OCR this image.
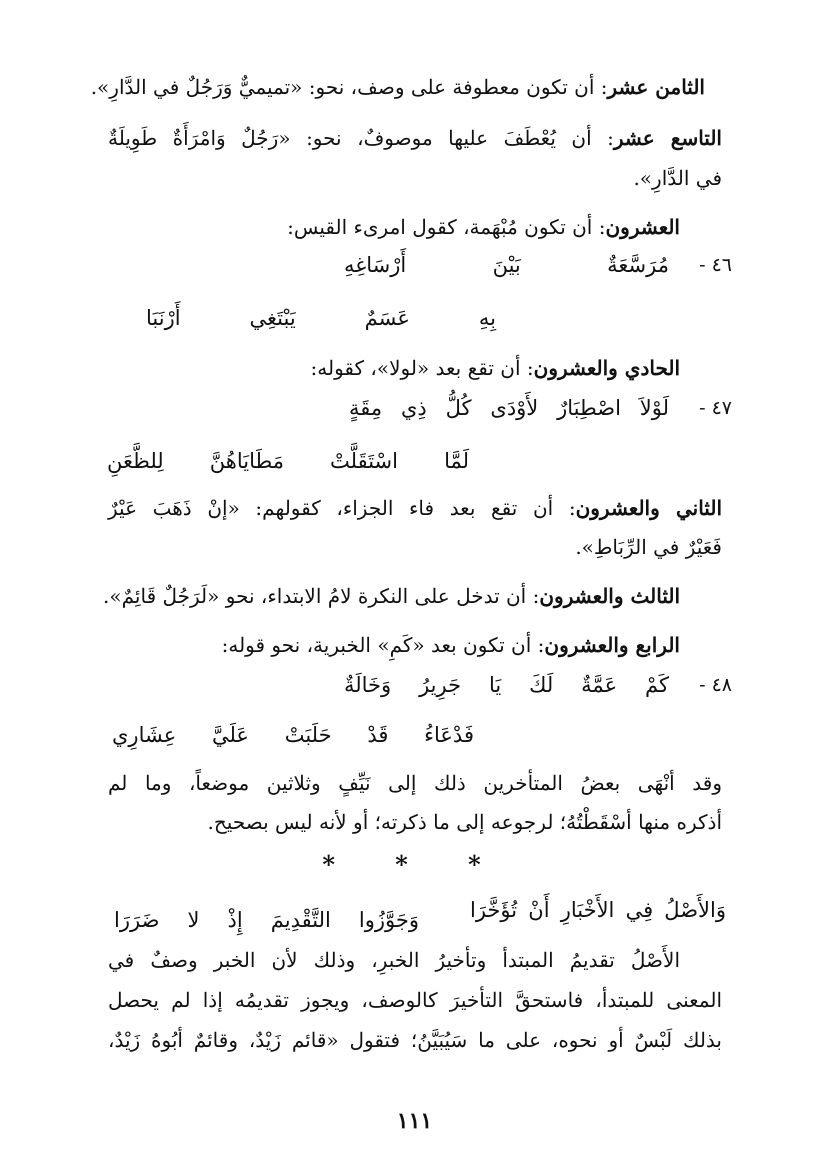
الثامن عشر: أن تكون معطوفة على وصف، نحو: «تميميٌّ وَرَجُلٌ في الدَّارِ».
التاسع عشر: أن يُعْطَفَ عليها موصوفٌ، نحو: «رَجُلٌ وَامْرَأَةٌ طَوِيلَةٌ
في الدَّارِ».
العشرون: أن تكون مُبْهَمة، كقول امرىء القيس:
٤٦ -
مُرَسَّعَةٌ بَيْنَ أَرْسَاغِهِ
بِهِ عَسَمٌ يَبْتَغِي أَرْنَبَا
الحادي والعشرون: أن تقع بعد «لولا»، كقوله:
٤٧ -
لَوْلاَ اصْطِبَارٌ لأَوْدَى كُلُّ ذِي مِقَةٍ
لَمَّا اسْتَقَلَّتْ مَطَايَاهُنَّ لِلظَّعَنِ
الثاني والعشرون: أن تقع بعد فاء الجزاء، كقولهم: «إنْ ذَهَبَ عَيْرٌ
فَعَيْرٌ في الرِّبَاطِ».
الثالث والعشرون: أن تدخل على النكرة لامُ الابتداء، نحو «لَرَجُلٌ قَائِمٌ».
الرابع والعشرون: أن تكون بعد «كَمِ» الخبرية، نحو قوله:
٤٨ -
كَمْ عَمَّةٌ لَكَ يَا جَرِيرُ وَخَالَةٌ
فَدْعَاءُ قَدْ حَلَبَتْ عَلَيَّ عِشَارِي
وقد أنْهَى بعضُ المتأخرين ذلك إلى نَيِّفٍ وثلاثين موضعاً، وما لم
أذكره منها أسْقَطْتُهُ؛ لرجوعه إلى ما ذكرته؛ أو لأنه ليس بصحيح.
* * *
وَالأَصْلُ فِي الأَخْبَارِ أَنْ تُؤَخَّرَا
وَجَوَّزُوا التَّقْدِيمَ إِذْ لا ضَرَرَا
الأَصْلُ تقديمُ المبتدأ وتأخيرُ الخبرِ، وذلك لأن الخبر وصفٌ في
المعنى للمبتدأ، فاستحقَّ التأخيرَ كالوصف، ويجوز تقديمُه إذا لم يحصل
بذلك لَبْسٌ أو نحوه، على ما سَيُبَيَّنُ؛ فتقول «قائم زَيْدٌ، وقائمٌ أبُوهُ زَيْدٌ،
١١١
